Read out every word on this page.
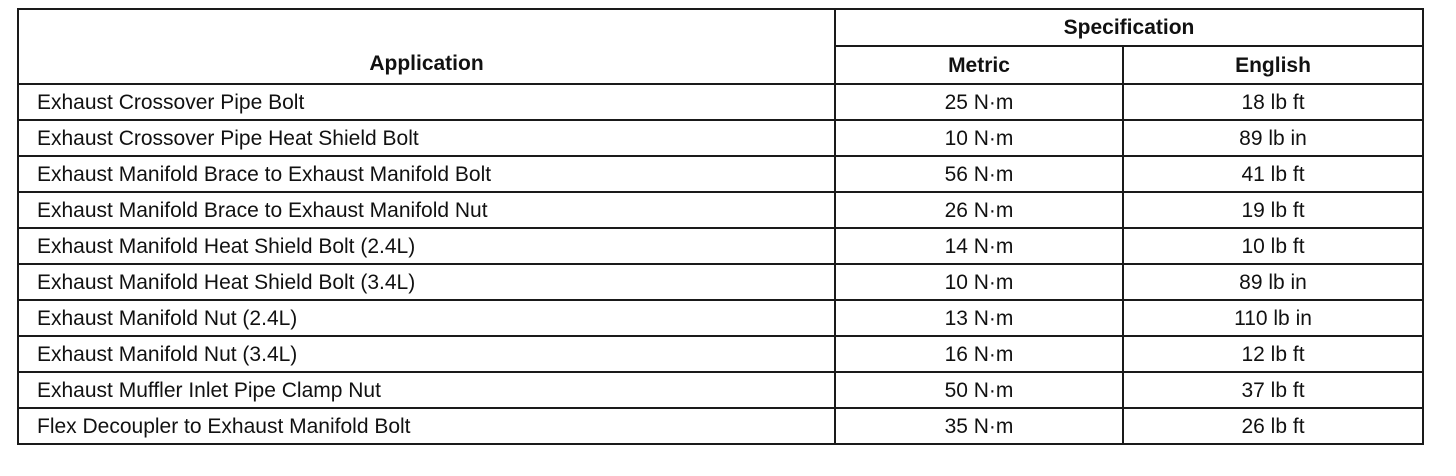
Application	Specification	
	Metric	English
Exhaust Crossover Pipe Bolt	25 N·m	18 lb ft
Exhaust Crossover Pipe Heat Shield Bolt	10 N·m	89 lb in
Exhaust Manifold Brace to Exhaust Manifold Bolt	56 N·m	41 lb ft
Exhaust Manifold Brace to Exhaust Manifold Nut	26 N·m	19 lb ft
Exhaust Manifold Heat Shield Bolt (2.4L)	14 N·m	10 lb ft
Exhaust Manifold Heat Shield Bolt (3.4L)	10 N·m	89 lb in
Exhaust Manifold Nut (2.4L)	13 N·m	110 lb in
Exhaust Manifold Nut (3.4L)	16 N·m	12 lb ft
Exhaust Muffler Inlet Pipe Clamp Nut	50 N·m	37 lb ft
Flex Decoupler to Exhaust Manifold Bolt	35 N·m	26 lb ft
